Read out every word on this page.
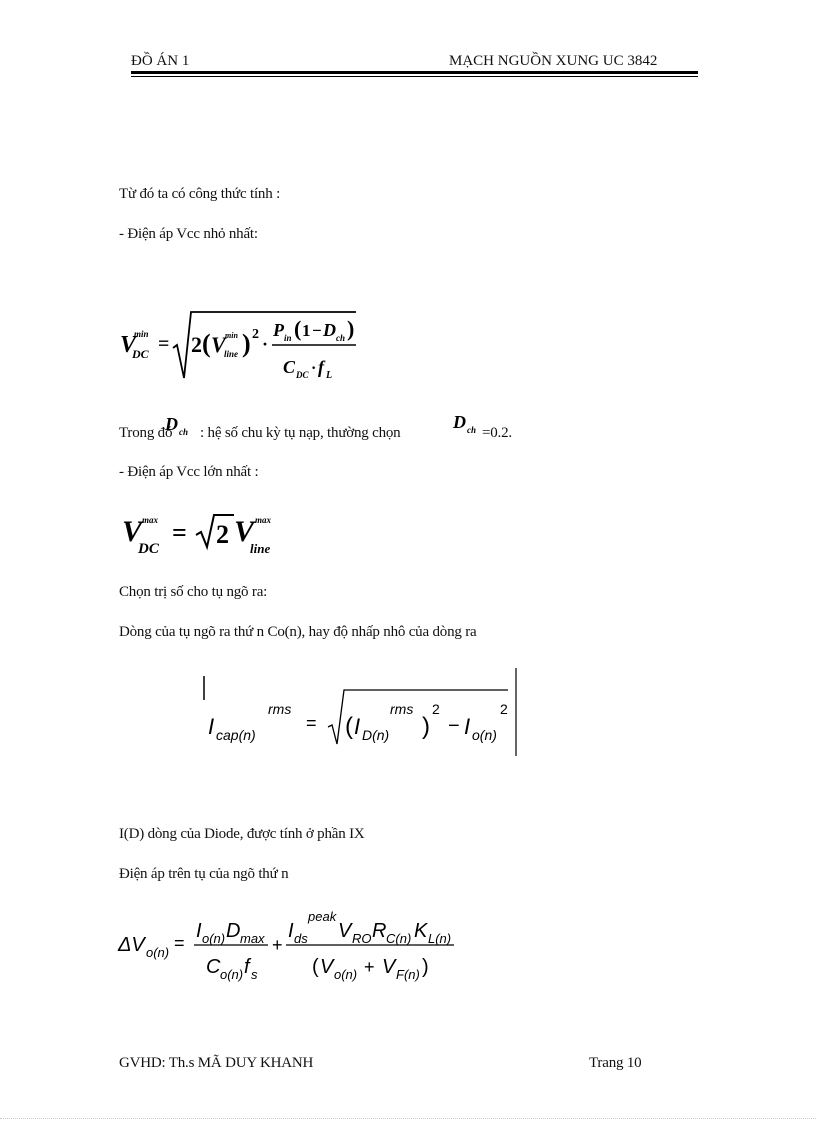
ĐỒ ÁN 1	MẠCH NGUỒN XUNG UC 3842
Từ đó ta có công thức tính :
- Điện áp Vcc nhỏ nhất:
V
min
DC = 2 ( V min
line ) 2 ·
P in ( 1 − D ch )
C DC · f L
D ch	D ch
Trong đó : hệ số chu kỳ tụ nạp, thường chọn	=0.2.
- Điện áp Vcc lớn nhất :
V max
DC
= 2 V max
line
Chọn trị số cho tụ ngõ ra:
Dòng của tụ ngõ ra thứ n Co(n), hay độ nhấp nhô của dòng ra
I cap(n)
rms
= ( I D(n)
rms
)
2
− I o(n)
2
I(D) dòng của Diode, được tính ở phần IX
Điện áp trên tụ của ngõ thứ n
ΔV o(n) =
I o(n) D max
C o(n) f s
+
I ds
peak
V RO R C(n) K L(n)
( V o(n) + V F(n) )
GVHD: Th.s MÃ DUY KHANH	Trang 10
